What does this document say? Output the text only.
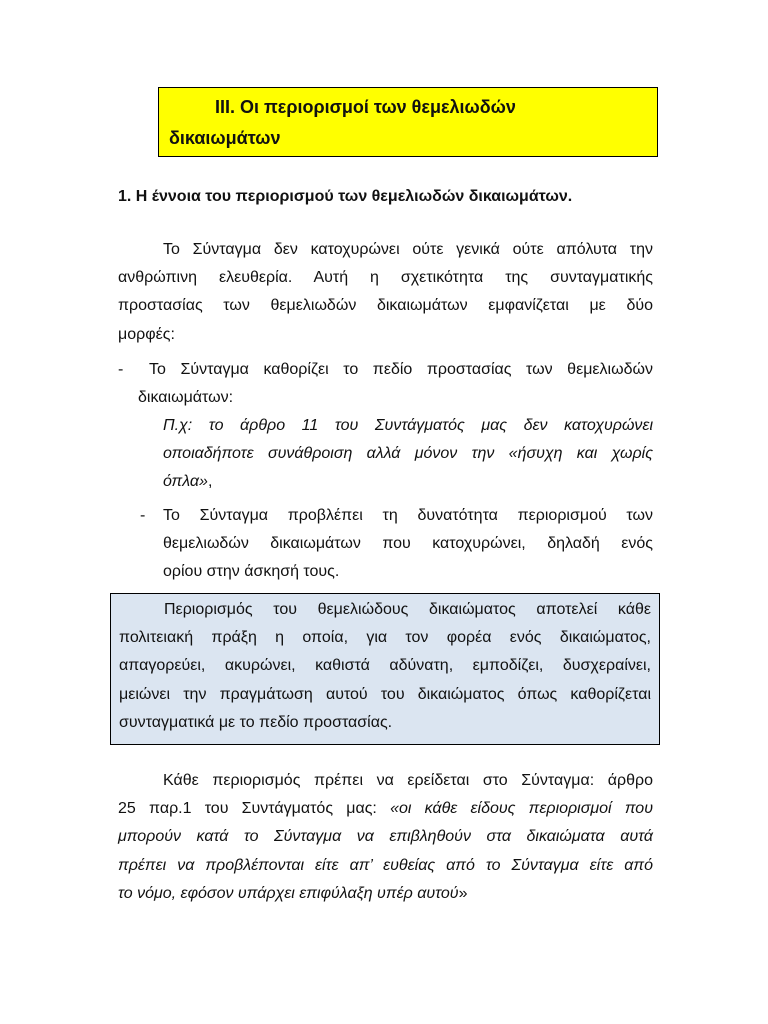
III. Οι περιορισμοί των θεμελιωδών
δικαιωμάτων
1. Η έννοια του περιορισμού των θεμελιωδών δικαιωμάτων.
Το Σύνταγμα δεν κατοχυρώνει ούτε γενικά ούτε απόλυτα την
ανθρώπινη ελευθερία. Αυτή η σχετικότητα της συνταγματικής
προστασίας των θεμελιωδών δικαιωμάτων εμφανίζεται με δύο
μορφές:
-	Το Σύνταγμα καθορίζει το πεδίο προστασίας των θεμελιωδών
δικαιωμάτων:
Π.χ: το άρθρο 11 του Συντάγματός μας δεν κατοχυρώνει
οποιαδήποτε συνάθροιση αλλά μόνον την «ήσυχη και χωρίς
όπλα»,
-	Το Σύνταγμα προβλέπει τη δυνατότητα περιορισμού των
θεμελιωδών δικαιωμάτων που κατοχυρώνει, δηλαδή ενός
ορίου στην άσκησή τους.
Περιορισμός του θεμελιώδους δικαιώματος αποτελεί κάθε
πολιτειακή πράξη η οποία, για τον φορέα ενός δικαιώματος,
απαγορεύει, ακυρώνει, καθιστά αδύνατη, εμποδίζει, δυσχεραίνει,
μειώνει την πραγμάτωση αυτού του δικαιώματος όπως καθορίζεται
συνταγματικά με το πεδίο προστασίας.
Κάθε περιορισμός πρέπει να ερείδεται στο Σύνταγμα: άρθρο
25 παρ.1 του Συντάγματός μας: «οι κάθε είδους περιορισμοί που
μπορούν κατά το Σύνταγμα να επιβληθούν στα δικαιώματα αυτά
πρέπει να προβλέπονται είτε απ’ ευθείας από το Σύνταγμα είτε από
το νόμο, εφόσον υπάρχει επιφύλαξη υπέρ αυτού»
